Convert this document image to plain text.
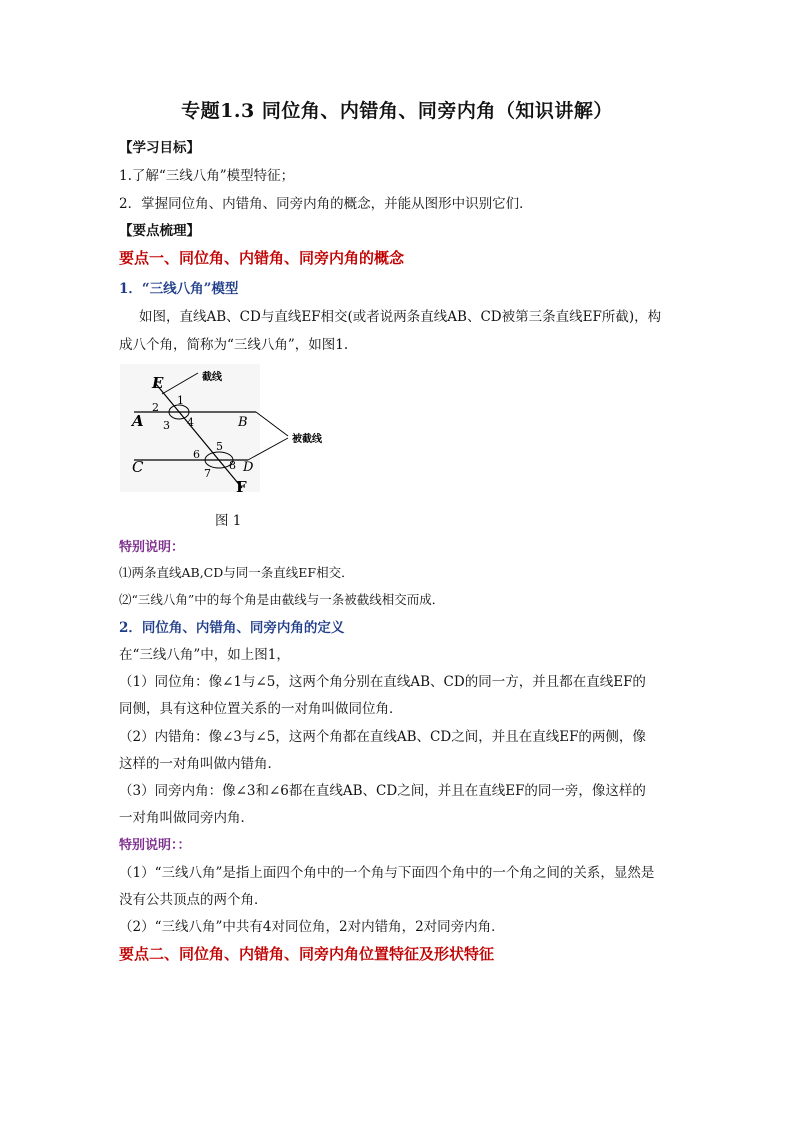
专题1.3 同位角、内错角、同旁内角（知识讲解）
【学习目标】
1.了解“三线八角”模型特征；
2．掌握同位角、内错角、同旁内角的概念，并能从图形中识别它们．
【要点梳理】
要点一、同位角、内错角、同旁内角的概念
1．“三线八角”模型
如图，直线AB、CD与直线EF相交(或者说两条直线AB、CD被第三条直线EF所截)，构
成八个角，简称为“三线八角”，如图1.
E
A	B
C	D
F
1
2
3 4
5
6
7
8
截线
被截线
图 1
特别说明：
⑴两条直线AB,CD与同一条直线EF相交．
⑵“三线八角”中的每个角是由截线与一条被截线相交而成．
2．同位角、内错角、同旁内角的定义
在“三线八角”中，如上图1，
（1）同位角：像∠1与∠5，这两个角分别在直线AB、CD的同一方，并且都在直线EF的
同侧，具有这种位置关系的一对角叫做同位角．
（2）内错角：像∠3与∠5，这两个角都在直线AB、CD之间，并且在直线EF的两侧，像
这样的一对角叫做内错角．
（3）同旁内角：像∠3和∠6都在直线AB、CD之间，并且在直线EF的同一旁，像这样的
一对角叫做同旁内角．
特别说明：：
（1）“三线八角”是指上面四个角中的一个角与下面四个角中的一个角之间的关系，显然是
没有公共顶点的两个角．
（2）“三线八角”中共有4对同位角，2对内错角，2对同旁内角．
要点二、同位角、内错角、同旁内角位置特征及形状特征
